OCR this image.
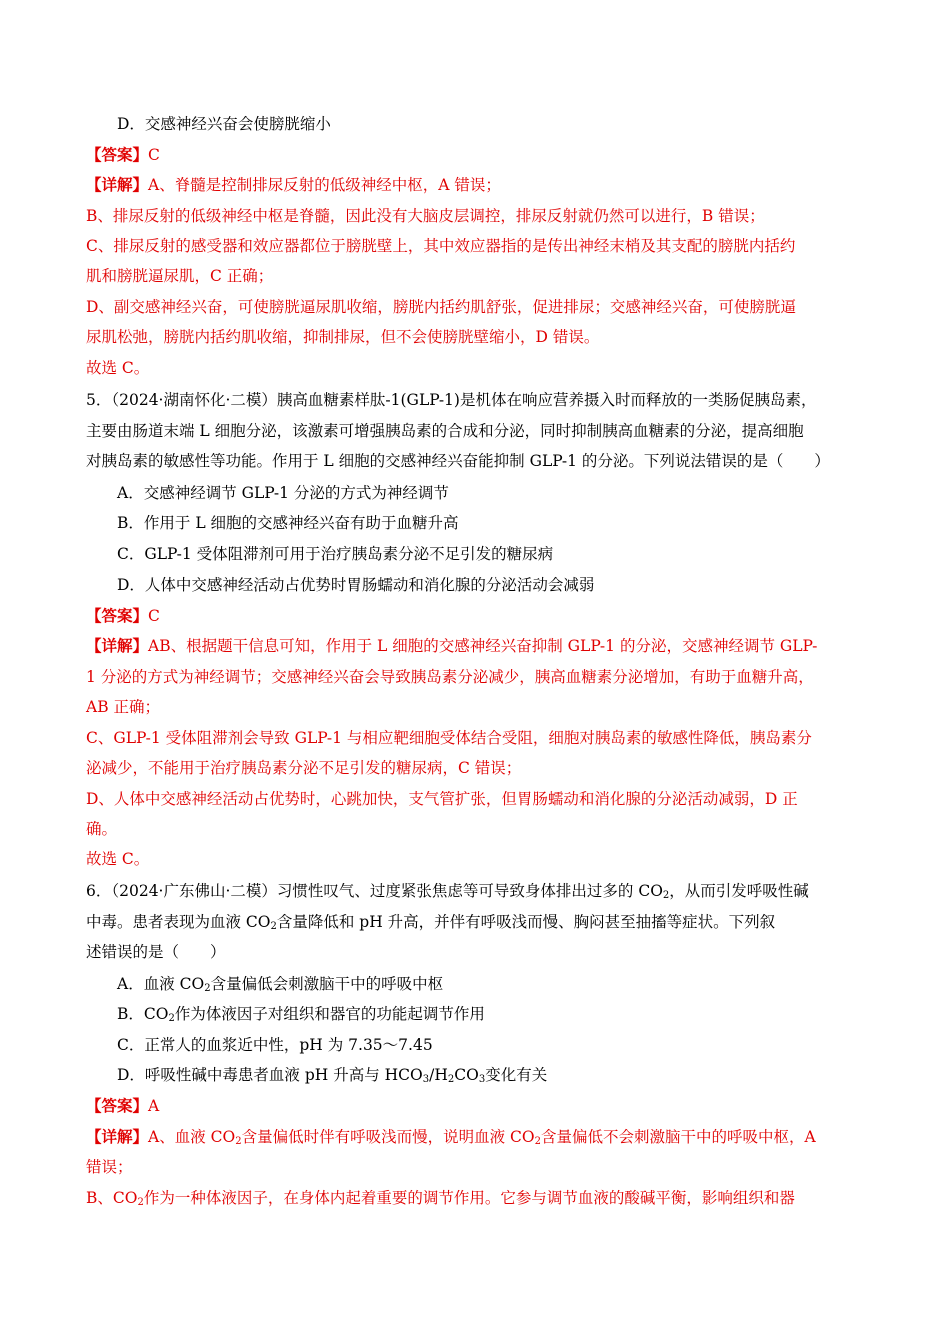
D．交感神经兴奋会使膀胱缩小
【答案】C
【详解】A、脊髓是控制排尿反射的低级神经中枢，A 错误；
B、排尿反射的低级神经中枢是脊髓，因此没有大脑皮层调控，排尿反射就仍然可以进行，B 错误；
C、排尿反射的感受器和效应器都位于膀胱壁上，其中效应器指的是传出神经末梢及其支配的膀胱内括约
肌和膀胱逼尿肌，C 正确；
D、副交感神经兴奋，可使膀胱逼尿肌收缩，膀胱内括约肌舒张，促进排尿；交感神经兴奋，可使膀胱逼
尿肌松弛，膀胱内括约肌收缩，抑制排尿，但不会使膀胱壁缩小，D 错误。
故选 C。
5．（2024·湖南怀化·二模）胰高血糖素样肽-1(GLP-1)是机体在响应营养摄入时而释放的一类肠促胰岛素，
主要由肠道末端 L 细胞分泌，该激素可增强胰岛素的合成和分泌，同时抑制胰高血糖素的分泌，提高细胞
对胰岛素的敏感性等功能。作用于 L 细胞的交感神经兴奋能抑制 GLP-1 的分泌。下列说法错误的是（　　）
A．交感神经调节 GLP-1 分泌的方式为神经调节
B．作用于 L 细胞的交感神经兴奋有助于血糖升高
C．GLP-1 受体阻滞剂可用于治疗胰岛素分泌不足引发的糖尿病
D．人体中交感神经活动占优势时胃肠蠕动和消化腺的分泌活动会减弱
【答案】C
【详解】AB、根据题干信息可知，作用于 L 细胞的交感神经兴奋抑制 GLP-1 的分泌，交感神经调节 GLP-
1 分泌的方式为神经调节；交感神经兴奋会导致胰岛素分泌减少，胰高血糖素分泌增加，有助于血糖升高，
AB 正确；
C、GLP-1 受体阻滞剂会导致 GLP-1 与相应靶细胞受体结合受阻，细胞对胰岛素的敏感性降低，胰岛素分
泌减少，不能用于治疗胰岛素分泌不足引发的糖尿病，C 错误；
D、人体中交感神经活动占优势时，心跳加快，支气管扩张，但胃肠蠕动和消化腺的分泌活动减弱，D 正
确。
故选 C。
6．（2024·广东佛山·二模）习惯性叹气、过度紧张焦虑等可导致身体排出过多的 $CO_2$，从而引发呼吸性碱
中毒。患者表现为血液 $CO_2$含量降低和 pH 升高，并伴有呼吸浅而慢、胸闷甚至抽搐等症状。下列叙
述错误的是（　　）
A．血液 $CO_2$含量偏低会刺激脑干中的呼吸中枢
B．$CO_2$作为体液因子对组织和器官的功能起调节作用
C．正常人的血浆近中性，pH 为 7.35～7.45
D．呼吸性碱中毒患者血液 pH 升高与 $HCO_3/H_2CO_3$变化有关
【答案】A
【详解】A、血液 $CO_2$含量偏低时伴有呼吸浅而慢，说明血液 $CO_2$含量偏低不会刺激脑干中的呼吸中枢，A
错误；
B、$CO_2$作为一种体液因子，在身体内起着重要的调节作用。它参与调节血液的酸碱平衡，影响组织和器
